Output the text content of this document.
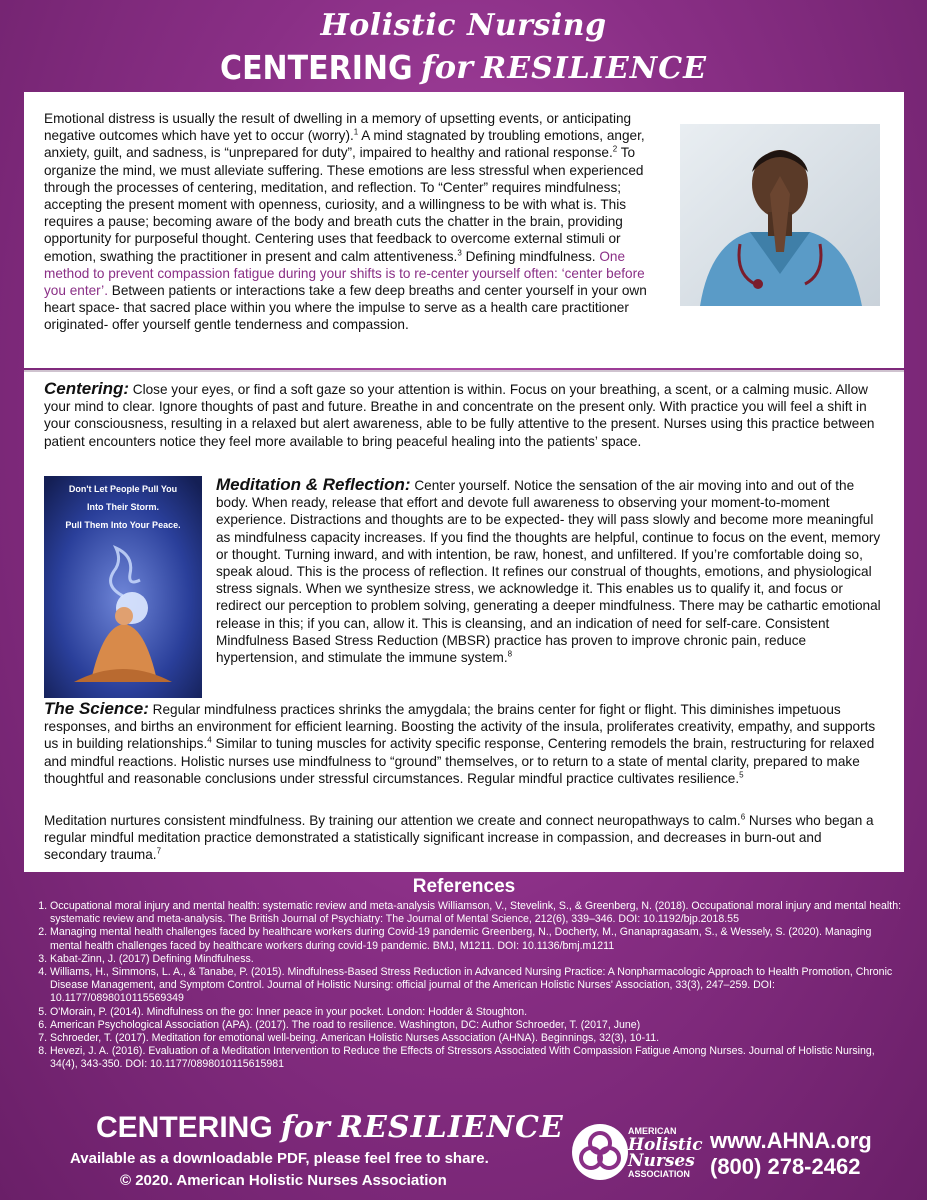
Holistic Nursing
CENTERING for RESILIENCE

Emotional distress is usually the result of dwelling in a memory of upsetting events, or anticipating negative outcomes which have yet to occur (worry).$^1$ A mind stagnated by troubling emotions, anger, anxiety, guilt, and sadness, is “unprepared for duty”, impaired to healthy and rational response.$^2$ To organize the mind, we must alleviate suffering. These emotions are less stressful when experienced through the processes of centering, meditation, and reflection. To “Center” requires mindfulness; accepting the present moment with openness, curiosity, and a willingness to be with what is. This requires a pause; becoming aware of the body and breath cuts the chatter in the brain, providing opportunity for purposeful thought. Centering uses that feedback to overcome external stimuli or emotion, swathing the practitioner in present and calm attentiveness.$^3$ Defining mindfulness. One method to prevent compassion fatigue during your shifts is to re-center yourself often: ‘center before you enter’. Between patients or interactions take a few deep breaths and center yourself in your own heart space- that sacred place within you where the impulse to serve as a health care practitioner originated- offer yourself gentle tenderness and compassion.

Centering: Close your eyes, or find a soft gaze so your attention is within. Focus on your breathing, a scent, or a calming music. Allow your mind to clear. Ignore thoughts of past and future. Breathe in and concentrate on the present only. With practice you will feel a shift in your consciousness, resulting in a relaxed but alert awareness, able to be fully attentive to the present. Nurses using this practice between patient encounters notice they feel more available to bring peaceful healing into the patients’ space.

Don't Let People Pull You
Into Their Storm.
Pull Them Into Your Peace.
Meditation & Reflection: Center yourself. Notice the sensation of the air moving into and out of the body. When ready, release that effort and devote full awareness to observing your moment-to-moment experience. Distractions and thoughts are to be expected- they will pass slowly and become more meaningful as mindfulness capacity increases. If you find the thoughts are helpful, continue to focus on the event, memory or thought. Turning inward, and with intention, be raw, honest, and unfiltered. If you’re comfortable doing so, speak aloud. This is the process of reflection. It refines our construal of thoughts, emotions, and physiological stress signals. When we synthesize stress, we acknowledge it. This enables us to qualify it, and focus or redirect our perception to problem solving, generating a deeper mindfulness. There may be cathartic emotional release in this; if you can, allow it. This is cleansing, and an indication of need for self-care. Consistent Mindfulness Based Stress Reduction (MBSR) practice has proven to improve chronic pain, reduce hypertension, and stimulate the immune system.$^8$

The Science: Regular mindfulness practices shrinks the amygdala; the brains center for fight or flight. This diminishes impetuous responses, and births an environment for efficient learning. Boosting the activity of the insula, proliferates creativity, empathy, and supports us in building relationships.$^4$ Similar to tuning muscles for activity specific response, Centering remodels the brain, restructuring for relaxed and mindful reactions. Holistic nurses use mindfulness to “ground” themselves, or to return to a state of mental clarity, prepared to make thoughtful and reasonable conclusions under stressful circumstances. Regular mindful practice cultivates resilience.$^5$

Meditation nurtures consistent mindfulness. By training our attention we create and connect neuropathways to calm.$^6$ Nurses who began a regular mindful meditation practice demonstrated a statistically significant increase in compassion, and decreases in burn-out and secondary trauma.$^7$

References
1. Occupational moral injury and mental health: systematic review and meta-analysis Williamson, V., Stevelink, S., & Greenberg, N. (2018). Occupational moral injury and mental health: systematic review and meta-analysis. The British Journal of Psychiatry: The Journal of Mental Science, 212(6), 339–346. DOI: 10.1192/bjp.2018.55
2. Managing mental health challenges faced by healthcare workers during Covid-19 pandemic Greenberg, N., Docherty, M., Gnanapragasam, S., & Wessely, S. (2020). Managing mental health challenges faced by healthcare workers during covid-19 pandemic. BMJ, M1211. DOI: 10.1136/bmj.m1211
3. Kabat-Zinn, J. (2017) Defining Mindfulness.
4. Williams, H., Simmons, L. A., & Tanabe, P. (2015). Mindfulness-Based Stress Reduction in Advanced Nursing Practice: A Nonpharmacologic Approach to Health Promotion, Chronic Disease Management, and Symptom Control. Journal of Holistic Nursing: official journal of the American Holistic Nurses' Association, 33(3), 247–259. DOI: 10.1177/0898010115569349
5. O'Morain, P. (2014). Mindfulness on the go: Inner peace in your pocket. London: Hodder & Stoughton.
6. American Psychological Association (APA). (2017). The road to resilience. Washington, DC: Author Schroeder, T. (2017, June)
7. Schroeder, T. (2017). Meditation for emotional well-being. American Holistic Nurses Association (AHNA). Beginnings, 32(3), 10-11.
8. Hevezi, J. A. (2016). Evaluation of a Meditation Intervention to Reduce the Effects of Stressors Associated With Compassion Fatigue Among Nurses. Journal of Holistic Nursing, 34(4), 343-350. DOI: 10.1177/0898010115615981
CENTERING for RESILIENCE
Available as a downloadable PDF, please feel free to share.
© 2020. American Holistic Nurses Association
AMERICAN
Holistic
Nurses
ASSOCIATION
www.AHNA.org
(800) 278-2462
